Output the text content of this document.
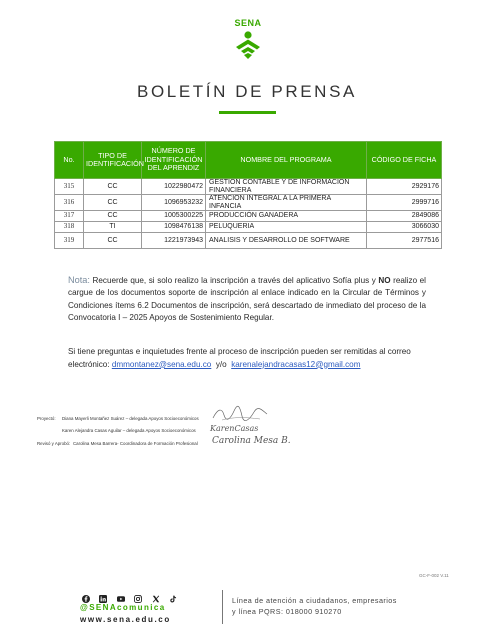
SENA
BOLETÍN DE PRENSA
No.	TIPO DE IDENTIFICACIÓN	NÚMERO DE IDENTIFICACIÓN DEL APRENDIZ	NOMBRE DEL PROGRAMA	CÓDIGO DE FICHA
315	CC	1022980472	GESTION CONTABLE Y DE INFORMACION FINANCIERA	2929176
316	CC	1096953232	ATENCION INTEGRAL A LA PRIMERA INFANCIA	2999716
317	CC	1005300225	PRODUCCIÓN GANADERA	2849086
318	TI	1098476138	PELUQUERIA	3066030
319	CC	1221973943	ANALISIS Y DESARROLLO DE SOFTWARE	2977516
Nota: Recuerde que, si solo realizo la inscripción a través del aplicativo Sofía plus y NO realizo el cargue de los documentos soporte de inscripción al enlace indicado en la Circular de Términos y Condiciones ítems 6.2 Documentos de inscripción, será descartado de inmediato del proceso de la Convocatoria I – 2025 Apoyos de Sostenimiento Regular.
Si tiene preguntas e inquietudes frente al proceso de inscripción pueden ser remitidas al correo electrónico: dmmontanez@sena.edu.co  y/o  karenalejandracasas12@gmail.com
Proyectó: Diana Mayerli Montañez Suárez – delegada Apoyos Socioeconómicos
Karen Alejandra Casas Aguilar – delegada Apoyos Socioeconómicos KarenCasas
Revisó y Aprobó: Carolina Mesa Barrera- Coordinadora de Formación Profesional Carolina Mesa B.
GC-F-002 V.11

@SENAcomunica
www.sena.edu.co
Línea de atención a ciudadanos, empresarios
y línea PQRS: 018000 910270
